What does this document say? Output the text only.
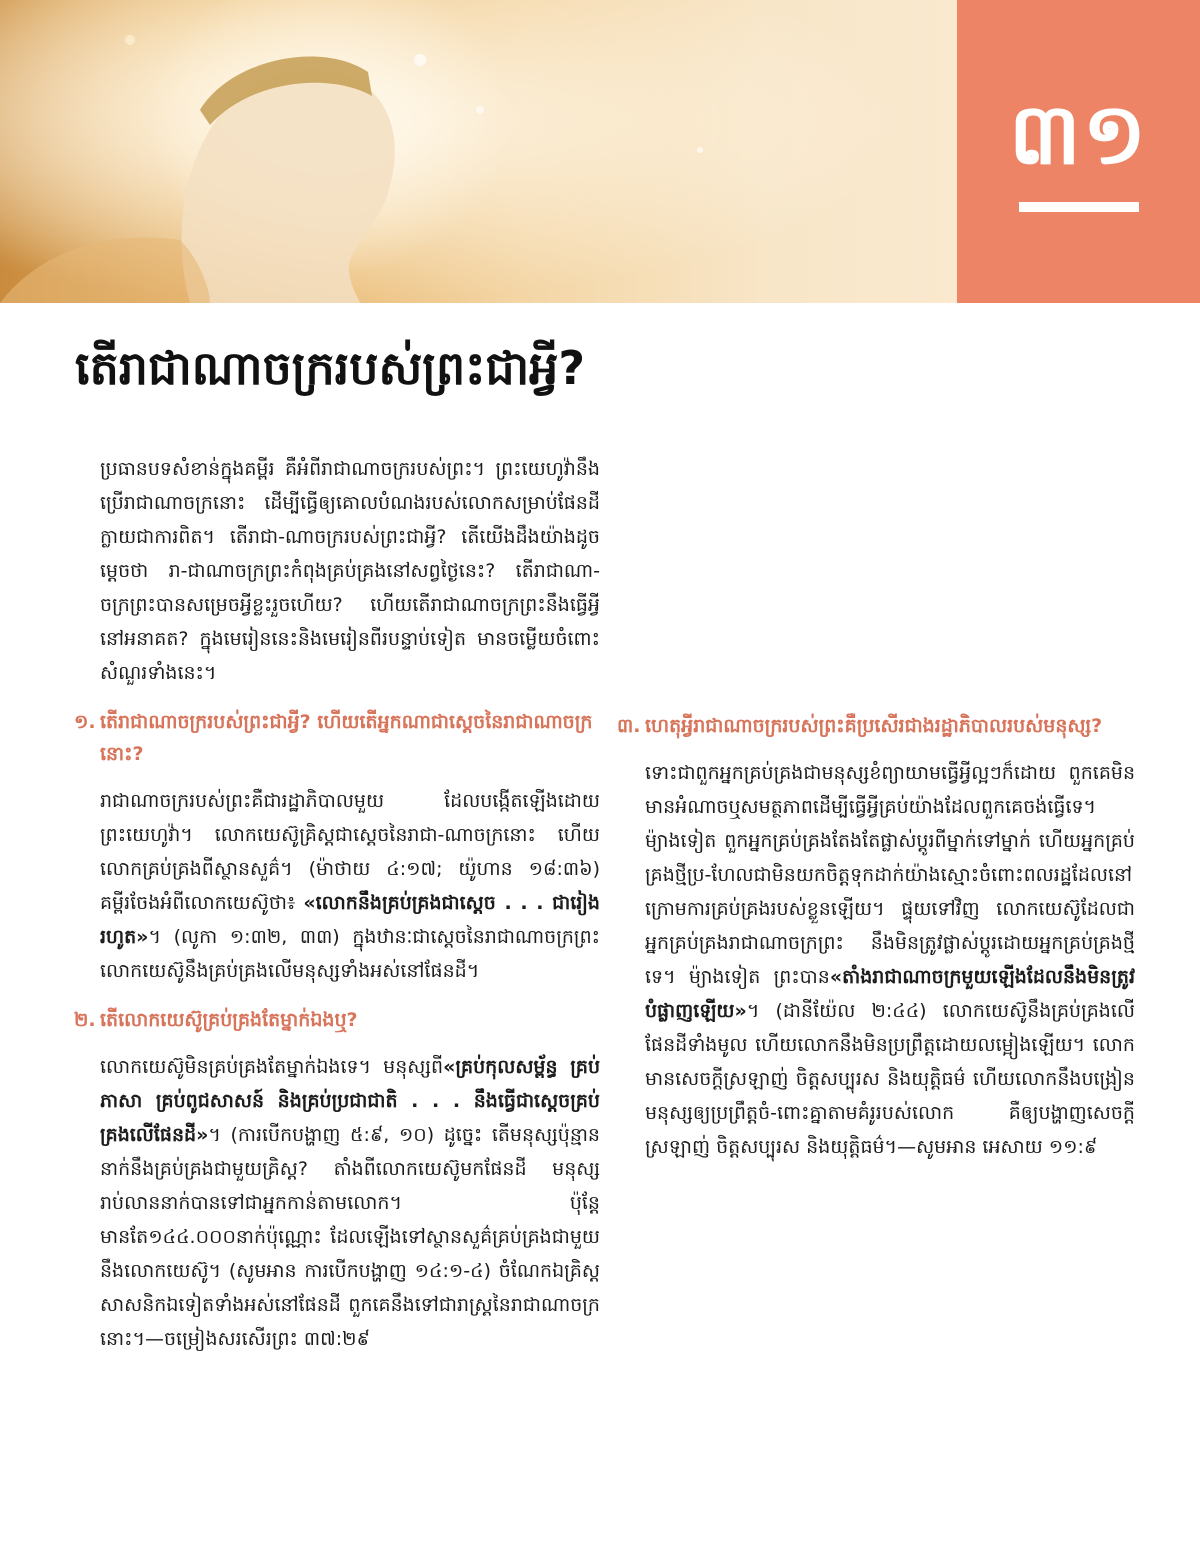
៣១
តើរាជាណាចក្ររបស់ព្រះជាអ្វី?

ប្រធានបទសំខាន់ក្នុងគម្ពីរ គឺអំពីរាជាណាចក្ររបស់ព្រះ។ ព្រះយេហូវ៉ានឹងប្រើរាជាណាចក្រនោះ ដើម្បីធ្វើឲ្យគោលបំណងរបស់លោកសម្រាប់ផែនដីក្លាយជាការពិត។ តើរាជា-ណាចក្ររបស់ព្រះជាអ្វី? តើយើងដឹងយ៉ាងដូចម្ដេចថា រា-ជាណាចក្រព្រះកំពុងគ្រប់គ្រងនៅសព្វថ្ងៃនេះ? តើរាជាណា-ចក្រព្រះបានសម្រេចអ្វីខ្លះរួចហើយ? ហើយតើរាជាណាចក្រព្រះនឹងធ្វើអ្វីនៅអនាគត? ក្នុងមេរៀននេះនិងមេរៀនពីរបន្ទាប់ទៀត មានចម្លើយចំពោះសំណួរទាំងនេះ។

១. តើរាជាណាចក្ររបស់ព្រះជាអ្វី? ហើយតើអ្នកណាជាស្ដេចនៃរាជាណាចក្រនោះ?

រាជាណាចក្ររបស់ព្រះគឺជារដ្ឋាភិបាលមួយ ដែលបង្កើតឡើងដោយព្រះយេហូវ៉ា។ លោកយេស៊ូគ្រិស្ដជាស្ដេចនៃរាជា-ណាចក្រនោះ ហើយលោកគ្រប់គ្រងពីស្ថានសួគ៌។ (ម៉ាថាយ ៤:១៧; យ៉ូហាន ១៨:៣៦) គម្ពីរចែងអំពីលោកយេស៊ូថា៖ «លោកនឹងគ្រប់គ្រងជាស្ដេច . . . ជារៀងរហូត»។ (លូកា ១:៣២, ៣៣) ក្នុងឋានៈជាស្ដេចនៃរាជាណាចក្រព្រះ លោកយេស៊ូនឹងគ្រប់គ្រងលើមនុស្សទាំងអស់នៅផែនដី។

២. តើលោកយេស៊ូគ្រប់គ្រងតែម្នាក់ឯងឬ?

លោកយេស៊ូមិនគ្រប់គ្រងតែម្នាក់ឯងទេ។ មនុស្សពី«គ្រប់កុលសម្ព័ន្ធ គ្រប់ភាសា គ្រប់ពូជសាសន៍ និងគ្រប់ប្រជាជាតិ . . . នឹងធ្វើជាស្ដេចគ្រប់គ្រងលើផែនដី»។ (ការបើកបង្ហាញ ៥:៩, ១០) ដូច្នេះ តើមនុស្សប៉ុន្មាននាក់នឹងគ្រប់គ្រងជាមួយគ្រិស្ដ? តាំងពីលោកយេស៊ូមកផែនដី មនុស្សរាប់លាននាក់បានទៅជាអ្នកកាន់តាមលោក។ ប៉ុន្តែ មានតែ១៤៤.០០០នាក់ប៉ុណ្ណោះ ដែលឡើងទៅស្ថានសួគ៌គ្រប់គ្រងជាមួយនឹងលោកយេស៊ូ។ (សូមអាន ការបើកបង្ហាញ ១៤:១-៤) ចំណែកឯគ្រិស្ដសាសនិកឯទៀតទាំងអស់នៅផែនដី ពួកគេនឹងទៅជារាស្ត្រនៃរាជាណាចក្រនោះ។—ចម្រៀងសរសើរព្រះ ៣៧:២៩

៣. ហេតុអ្វីរាជាណាចក្ររបស់ព្រះគឺប្រសើរជាងរដ្ឋាភិបាលរបស់មនុស្ស?

ទោះជាពួកអ្នកគ្រប់គ្រងជាមនុស្សខំព្យាយាមធ្វើអ្វីល្អៗក៏ដោយ ពួកគេមិនមានអំណាចឬសមត្ថភាពដើម្បីធ្វើអ្វីគ្រប់យ៉ាងដែលពួកគេចង់ធ្វើទេ។ ម៉្យាងទៀត ពួកអ្នកគ្រប់គ្រងតែងតែផ្លាស់ប្ដូរពីម្នាក់ទៅម្នាក់ ហើយអ្នកគ្រប់គ្រងថ្មីប្រ-ហែលជាមិនយកចិត្តទុកដាក់យ៉ាងស្មោះចំពោះពលរដ្ឋដែលនៅក្រោមការគ្រប់គ្រងរបស់ខ្លួនឡើយ។ ផ្ទុយទៅវិញ លោកយេស៊ូដែលជាអ្នកគ្រប់គ្រងរាជាណាចក្រព្រះ នឹងមិនត្រូវផ្លាស់ប្ដូរដោយអ្នកគ្រប់គ្រងថ្មីទេ។ ម៉្យាងទៀត ព្រះបាន«តាំងរាជាណាចក្រមួយឡើងដែលនឹងមិនត្រូវបំផ្លាញឡើយ»។ (ដានីយ៉ែល ២:៤៤) លោកយេស៊ូនឹងគ្រប់គ្រងលើផែនដីទាំងមូល ហើយលោកនឹងមិនប្រព្រឹត្តដោយលម្អៀងឡើយ។ លោកមានសេចក្ដីស្រឡាញ់ ចិត្តសប្បុរស និងយុត្តិធម៌ ហើយលោកនឹងបង្រៀនមនុស្សឲ្យប្រព្រឹត្តចំ-ពោះគ្នាតាមគំរូរបស់លោក គឺឲ្យបង្ហាញសេចក្ដីស្រឡាញ់ ចិត្តសប្បុរស និងយុត្តិធម៌។—សូមអាន អេសាយ ១១:៩
